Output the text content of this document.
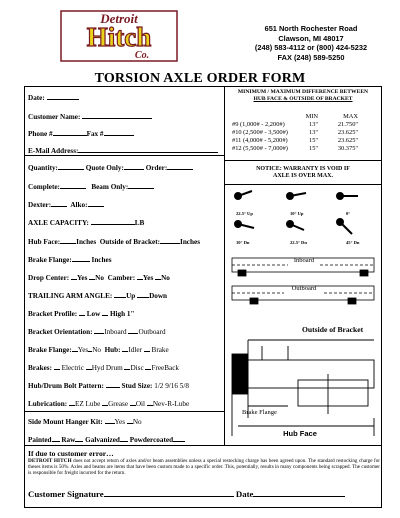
Detroit
Hitch
Co.
651 North Rochester Road
Clawson, MI 48017
(248) 583-4112 or (800) 424-5232
FAX (248) 589-5250
TORSION AXLE ORDER FORM
Date:
Customer Name:
Phone #	Fax #
E-Mail Address:
Quantity:	Quote Only:	Order:
Complete:	Beam Only:
Dexter:	Alko:
AXLE CAPACITY:	LB
Hub Face: Inches Outside of Bracket:	Inches
Brake Flange:	Inches
Drop Center: Yes No Camber: Yes No
TRAILING ARM ANGLE: Up Down
Bracket Profile: Low High 1"
Bracket Orientation: Inboard Outboard
Brake Flange: Yes No Hub: Idler Brake
Brakes: Electric Hyd Drum Disc FreeBack
Hub/Drum Bolt Pattern: Stud Size: 1/2 9/16 5/8
Lubrication: EZ Lube Grease Oil Nev-R-Lube
Side Mount Hanger Kit: Yes No
Painted Raw Galvanized Powdercoated
MINIMUM / MAXIMUM DIFFERENCE BETWEEN
HUB FACE & OUTSIDE OF BRACKET
MIN	MAX
#9 (1,000# - 2,200#)	13"	21.750"
#10 (2,500# - 3,500#)	13"	23.625"
#11 (4,000# - 5,200#)	15"	23.625"
#12 (5,500# - 7,000#)	15"	30.375"
NOTICE: WARRANTY IS VOID IF
AXLE IS OVER MAX.
22.5° Up	10° Up	0°
10° Dn	22.5° Dn	45° Dn
Inboard
Outboard
Outside of Bracket
Brake Flange
Hub Face
If due to customer error…
DETROIT HITCH does not accept return of axles and/or beam assemblies unless a special restocking charge has been agreed upon. The standard restocking charge for theses items is 50%. Axles and beams are items that have been custom made to a specific order. This, potentially, results in many components being scrapped. The customer is responsible for freight incurred for the return.
Customer Signature	Date
